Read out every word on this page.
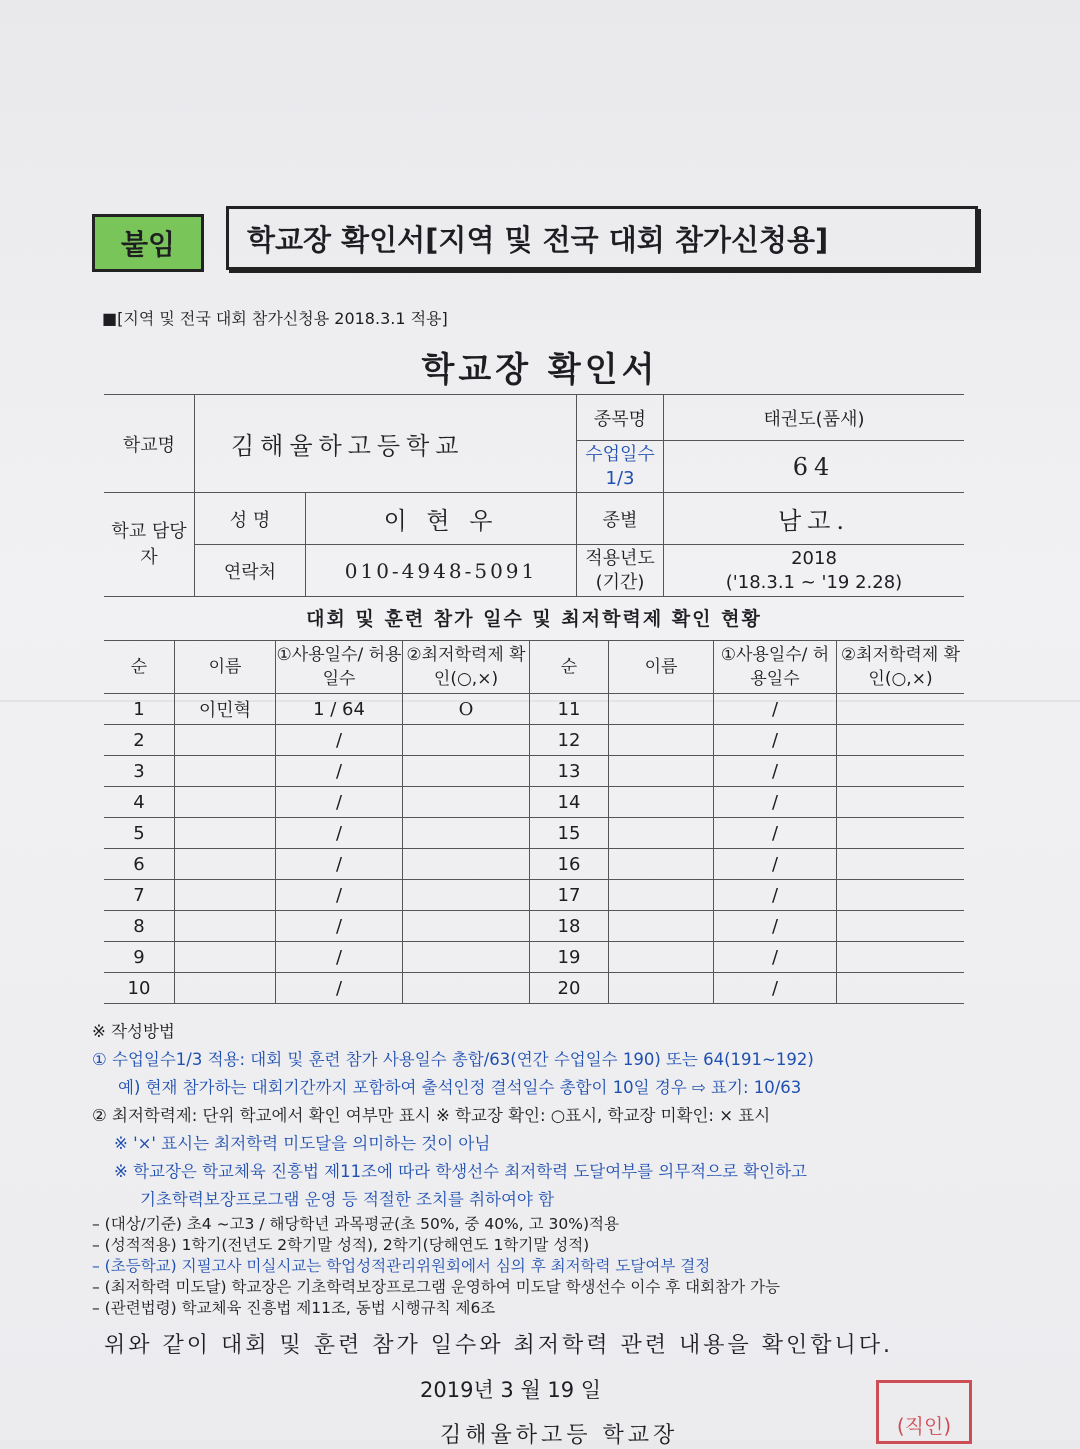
붙임	학교장 확인서[지역 및 전국 대회 참가신청용]
■[지역 및 전국 대회 참가신청용 2018.3.1 적용]
학교장 확인서
학교명	김해율하고등학교		종목명	태권도(품새)
			수업일수 1/3	64
학교 담당자	성 명	이 현 우	종별	남고.
	연락처	010-4948-5091	적용년도 (기간)	2018
('18.3.1 ~ '19 2.28)
대회 및 훈련 참가 일수 및 최저학력제 확인 현황
순	이름	①사용일수/ 허용일수	②최저학력제 확인(○,×)	순	이름	①사용일수/ 허용일수	②최저학력제 확인(○,×)
1	이민혁	1 / 64	O	11		/	
2		/		12		/	
3		/		13		/	
4		/		14		/	
5		/		15		/	
6		/		16		/	
7		/		17		/	
8		/		18		/	
9		/		19		/	
10		/		20		/	
※ 작성방법
① 수업일수1/3 적용: 대회 및 훈련 참가 사용일수 총합/63(연간 수업일수 190) 또는 64(191~192)
예) 현재 참가하는 대회기간까지 포함하여 출석인정 결석일수 총합이 10일 경우 ⇨ 표기: 10/63
② 최저학력제: 단위 학교에서 확인 여부만 표시 ※ 학교장 확인: ○표시, 학교장 미확인: × 표시
※ '×' 표시는 최저학력 미도달을 의미하는 것이 아님
※ 학교장은 학교체육 진흥법 제11조에 따라 학생선수 최저학력 도달여부를 의무적으로 확인하고
기초학력보장프로그램 운영 등 적절한 조치를 취하여야 함
– (대상/기준) 초4 ~고3 / 해당학년 과목평균(초 50%, 중 40%, 고 30%)적용
– (성적적용) 1학기(전년도 2학기말 성적), 2학기(당해연도 1학기말 성적)
– (초등학교) 지필고사 미실시교는 학업성적관리위원회에서 심의 후 최저학력 도달여부 결정
– (최저학력 미도달) 학교장은 기초학력보장프로그램 운영하여 미도달 학생선수 이수 후 대회참가 가능
– (관련법령) 학교체육 진흥법 제11조, 동법 시행규칙 제6조
위와 같이 대회 및 훈련 참가 일수와 최저학력 관련 내용을 확인합니다.
2019년 3 월 19 일
김해율하고등 학교장	(직인)
